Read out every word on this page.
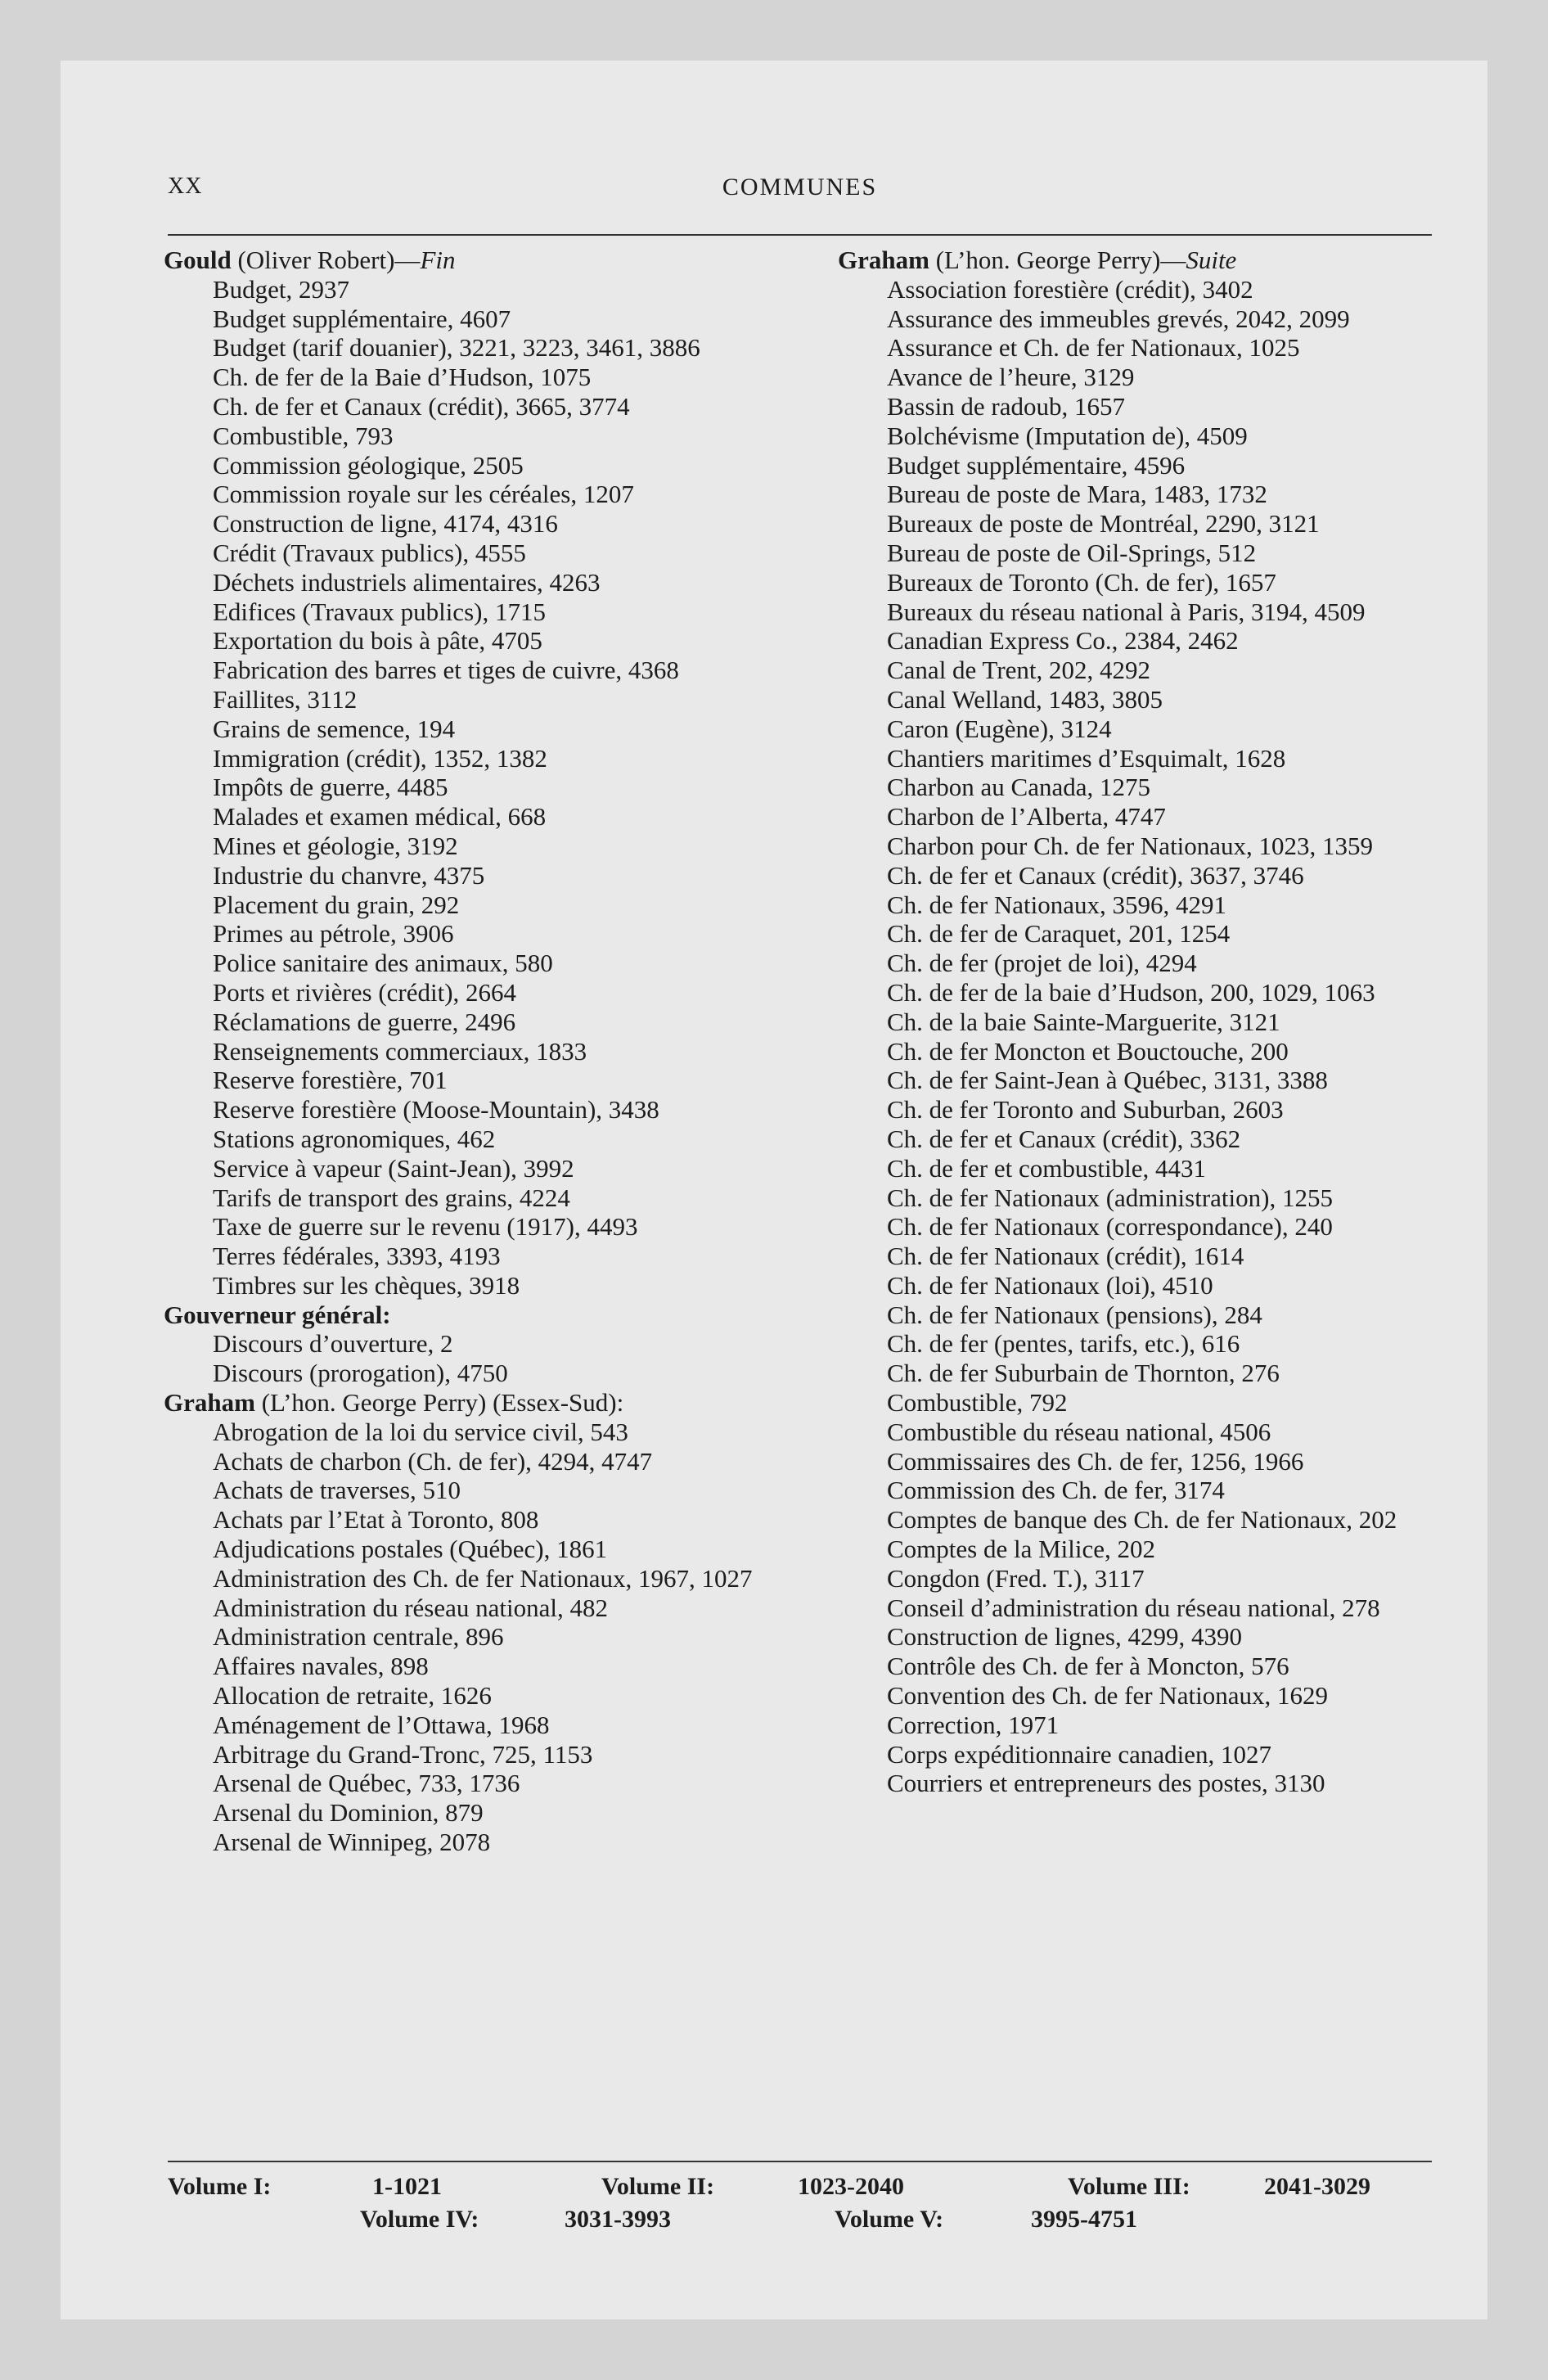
XX	COMMUNES
Gould (Oliver Robert)—Fin
Budget, 2937
Budget supplémentaire, 4607
Budget (tarif douanier), 3221, 3223, 3461, 3886
Ch. de fer de la Baie d’Hudson, 1075
Ch. de fer et Canaux (crédit), 3665, 3774
Combustible, 793
Commission géologique, 2505
Commission royale sur les céréales, 1207
Construction de ligne, 4174, 4316
Crédit (Travaux publics), 4555
Déchets industriels alimentaires, 4263
Edifices (Travaux publics), 1715
Exportation du bois à pâte, 4705
Fabrication des barres et tiges de cuivre, 4368
Faillites, 3112
Grains de semence, 194
Immigration (crédit), 1352, 1382
Impôts de guerre, 4485
Malades et examen médical, 668
Mines et géologie, 3192
Industrie du chanvre, 4375
Placement du grain, 292
Primes au pétrole, 3906
Police sanitaire des animaux, 580
Ports et rivières (crédit), 2664
Réclamations de guerre, 2496
Renseignements commerciaux, 1833
Reserve forestière, 701
Reserve forestière (Moose-Mountain), 3438
Stations agronomiques, 462
Service à vapeur (Saint-Jean), 3992
Tarifs de transport des grains, 4224
Taxe de guerre sur le revenu (1917), 4493
Terres fédérales, 3393, 4193
Timbres sur les chèques, 3918
Gouverneur général:
Discours d’ouverture, 2
Discours (prorogation), 4750
Graham (L’hon. George Perry) (Essex-Sud):
Abrogation de la loi du service civil, 543
Achats de charbon (Ch. de fer), 4294, 4747
Achats de traverses, 510
Achats par l’Etat à Toronto, 808
Adjudications postales (Québec), 1861
Administration des Ch. de fer Nationaux, 1967, 1027
Administration du réseau national, 482
Administration centrale, 896
Affaires navales, 898
Allocation de retraite, 1626
Aménagement de l’Ottawa, 1968
Arbitrage du Grand-Tronc, 725, 1153
Arsenal de Québec, 733, 1736
Arsenal du Dominion, 879
Arsenal de Winnipeg, 2078
Graham (L’hon. George Perry)—Suite
Association forestière (crédit), 3402
Assurance des immeubles grevés, 2042, 2099
Assurance et Ch. de fer Nationaux, 1025
Avance de l’heure, 3129
Bassin de radoub, 1657
Bolchévisme (Imputation de), 4509
Budget supplémentaire, 4596
Bureau de poste de Mara, 1483, 1732
Bureaux de poste de Montréal, 2290, 3121
Bureau de poste de Oil-Springs, 512
Bureaux de Toronto (Ch. de fer), 1657
Bureaux du réseau national à Paris, 3194, 4509
Canadian Express Co., 2384, 2462
Canal de Trent, 202, 4292
Canal Welland, 1483, 3805
Caron (Eugène), 3124
Chantiers maritimes d’Esquimalt, 1628
Charbon au Canada, 1275
Charbon de l’Alberta, 4747
Charbon pour Ch. de fer Nationaux, 1023, 1359
Ch. de fer et Canaux (crédit), 3637, 3746
Ch. de fer Nationaux, 3596, 4291
Ch. de fer de Caraquet, 201, 1254
Ch. de fer (projet de loi), 4294
Ch. de fer de la baie d’Hudson, 200, 1029, 1063
Ch. de la baie Sainte-Marguerite, 3121
Ch. de fer Moncton et Bouctouche, 200
Ch. de fer Saint-Jean à Québec, 3131, 3388
Ch. de fer Toronto and Suburban, 2603
Ch. de fer et Canaux (crédit), 3362
Ch. de fer et combustible, 4431
Ch. de fer Nationaux (administration), 1255
Ch. de fer Nationaux (correspondance), 240
Ch. de fer Nationaux (crédit), 1614
Ch. de fer Nationaux (loi), 4510
Ch. de fer Nationaux (pensions), 284
Ch. de fer (pentes, tarifs, etc.), 616
Ch. de fer Suburbain de Thornton, 276
Combustible, 792
Combustible du réseau national, 4506
Commissaires des Ch. de fer, 1256, 1966
Commission des Ch. de fer, 3174
Comptes de banque des Ch. de fer Nationaux, 202
Comptes de la Milice, 202
Congdon (Fred. T.), 3117
Conseil d’administration du réseau national, 278
Construction de lignes, 4299, 4390
Contrôle des Ch. de fer à Moncton, 576
Convention des Ch. de fer Nationaux, 1629
Correction, 1971
Corps expéditionnaire canadien, 1027
Courriers et entrepreneurs des postes, 3130
Volume I:	1-1021	Volume II:	1023-2040	Volume III:	2041-3029
Volume IV:	3031-3993	Volume V:	3995-4751
